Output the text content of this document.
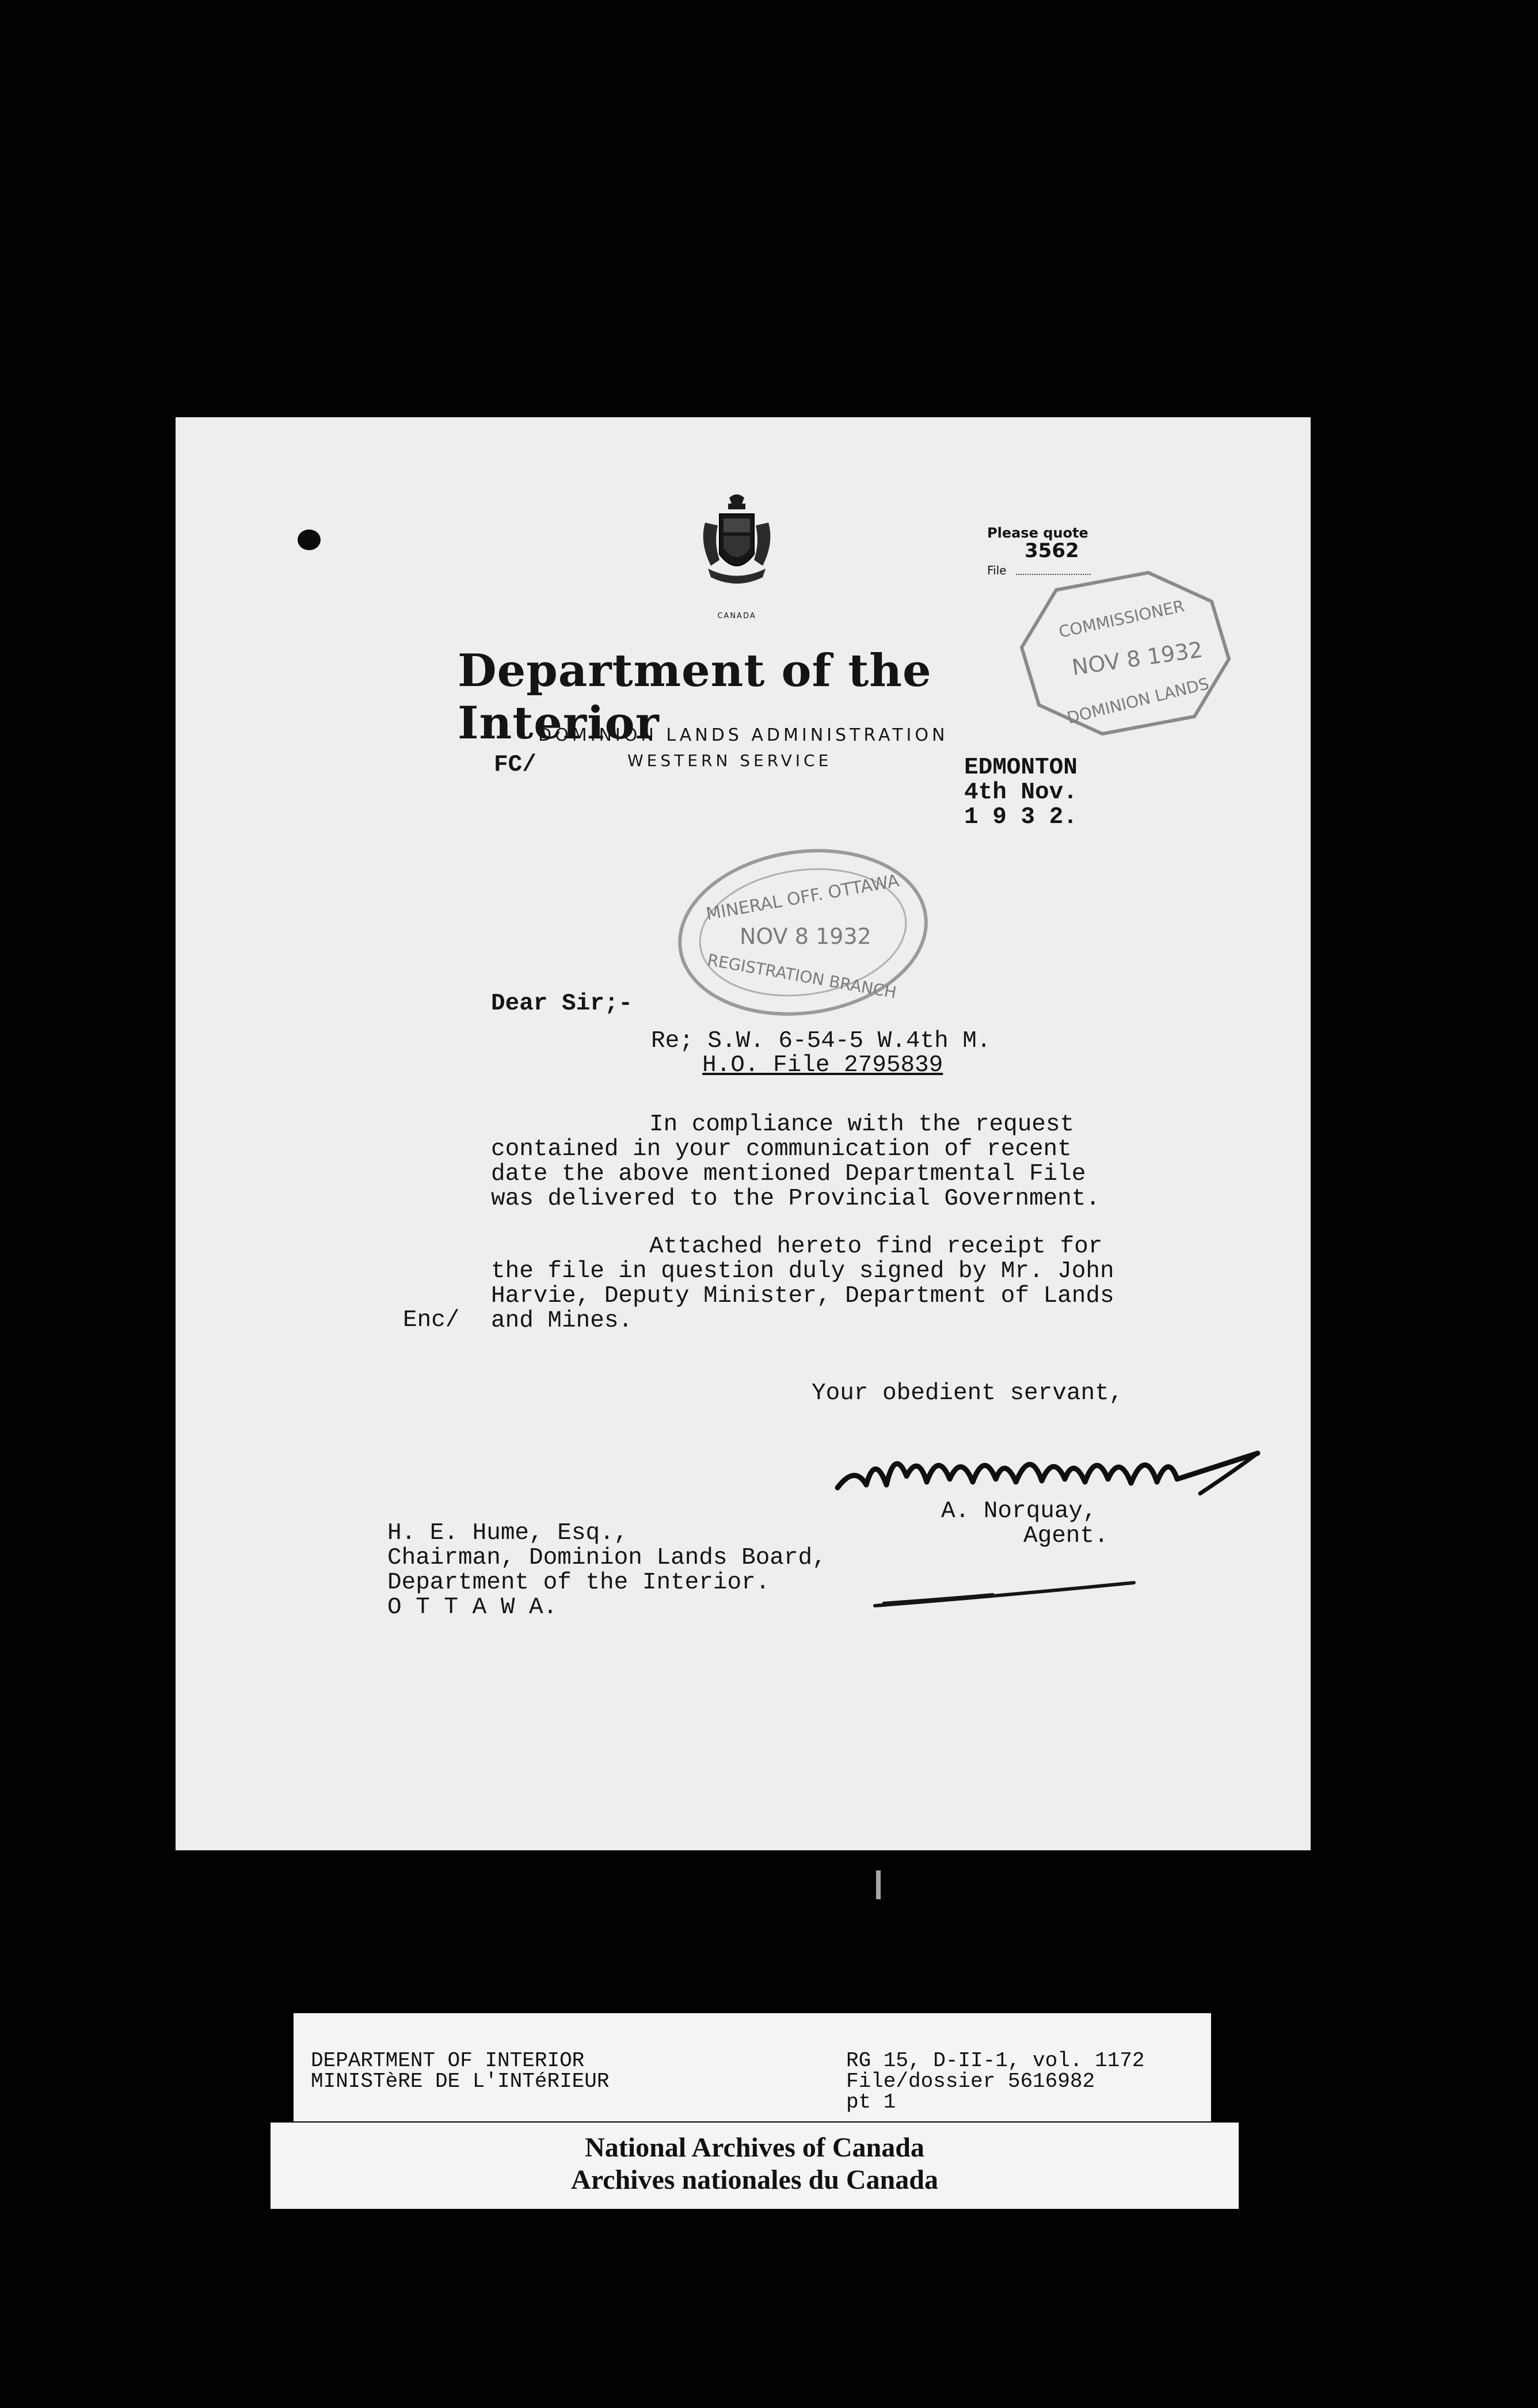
CANADA
Please quote
3562
File
COMMISSIONER
NOV 8 1932
DOMINION LANDS
Department of the Interior
DOMINION LANDS ADMINISTRATION
WESTERN SERVICE
FC/	EDMONTON
4th Nov.
1 9 3 2.
MINERAL OFF. OTTAWA
NOV 8 1932
REGISTRATION BRANCH
Dear Sir;-
Re; S.W. 6-54-5 W.4th M.
H.O. File 2795839
In compliance with the request
contained in your communication of recent
date the above mentioned Departmental File
was delivered to the Provincial Government.
Attached hereto find receipt for
the file in question duly signed by Mr. John
Harvie, Deputy Minister, Department of Lands
and Mines.
Enc/
Your obedient servant,
A. Norquay,
Agent.
H. E. Hume, Esq.,
Chairman, Dominion Lands Board,
Department of the Interior.
O T T A W A.
DEPARTMENT OF INTERIOR
MINISTèRE DE L'INTéRIEUR
RG 15, D-II-1, vol. 1172
File/dossier 5616982
pt 1
National Archives of Canada
Archives nationales du Canada
